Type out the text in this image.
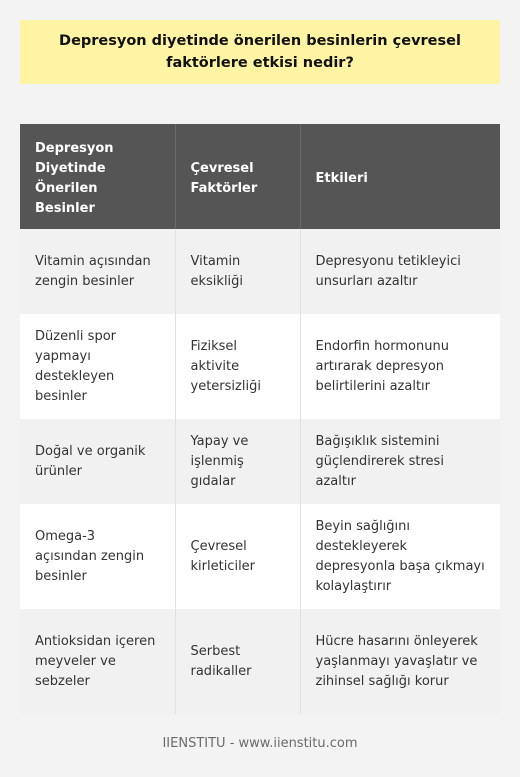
Depresyon diyetinde önerilen besinlerin çevresel faktörlere etkisi nedir?
Depresyon Diyetinde Önerilen Besinler	Çevresel Faktörler	Etkileri
Vitamin açısından zengin besinler	Vitamin eksikliği	Depresyonu tetikleyici unsurları azaltır
Düzenli spor yapmayı destekleyen besinler	Fiziksel aktivite yetersizliği	Endorfin hormonunu artırarak depresyon belirtilerini azaltır
Doğal ve organik ürünler	Yapay ve işlenmiş gıdalar	Bağışıklık sistemini güçlendirerek stresi azaltır
Omega-3 açısından zengin besinler	Çevresel kirleticiler	Beyin sağlığını destekleyerek depresyonla başa çıkmayı kolaylaştırır
Antioksidan içeren meyveler ve sebzeler	Serbest radikaller	Hücre hasarını önleyerek yaşlanmayı yavaşlatır ve zihinsel sağlığı korur
IIENSTITU - www.iienstitu.com
